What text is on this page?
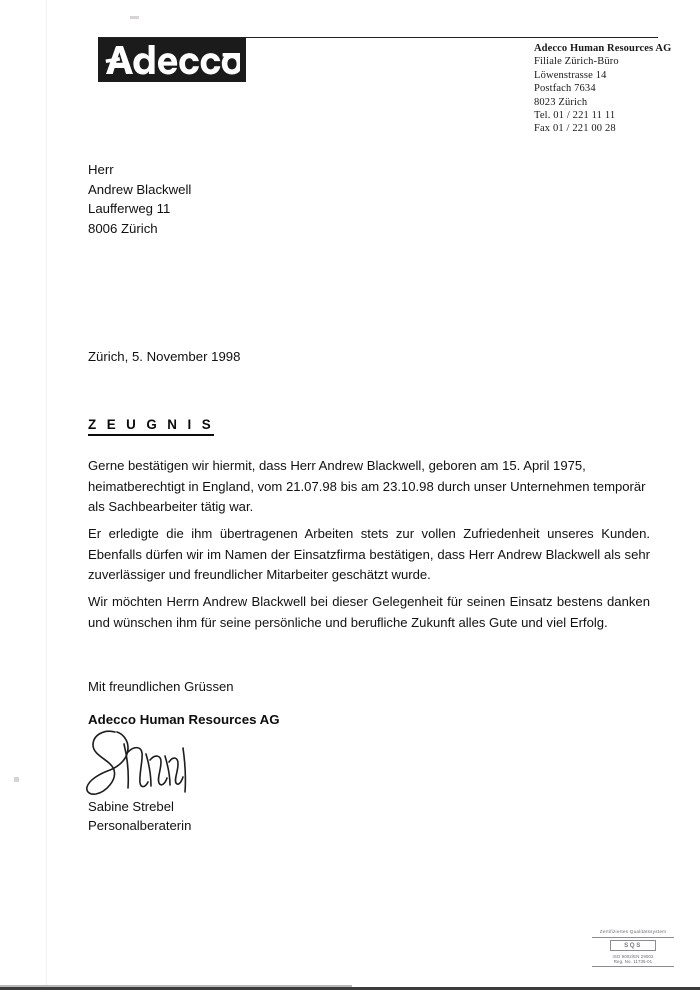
Adecco Human Resources AG
Filiale Zürich-Büro
Löwenstrasse 14
Postfach 7634
8023 Zürich
Tel. 01 / 221 11 11
Fax 01 / 221 00 28
Herr
Andrew Blackwell
Laufferweg 11
8006 Zürich
Zürich, 5. November 1998
Z E U G N I S

Gerne bestätigen wir hiermit, dass Herr Andrew Blackwell, geboren am 15. April 1975, heimatberechtigt in England, vom 21.07.98 bis am 23.10.98 durch unser Unternehmen temporär als Sachbearbeiter tätig war.

Er erledigte die ihm übertragenen Arbeiten stets zur vollen Zufriedenheit unseres Kunden. Ebenfalls dürfen wir im Namen der Einsatzfirma bestätigen, dass Herr Andrew Blackwell als sehr zuverlässiger und freundlicher Mitarbeiter geschätzt wurde.

Wir möchten Herrn Andrew Blackwell bei dieser Gelegenheit für seinen Einsatz bestens danken und wünschen ihm für seine persönliche und berufliche Zukunft alles Gute und viel Erfolg.

Mit freundlichen Grüssen
Adecco Human Resources AG
Sabine Strebel
Personalberaterin
Zertifiziertes Qualitätssystem
SQS
ISO 9002/EN 29002
Reg. No. 11735-01
